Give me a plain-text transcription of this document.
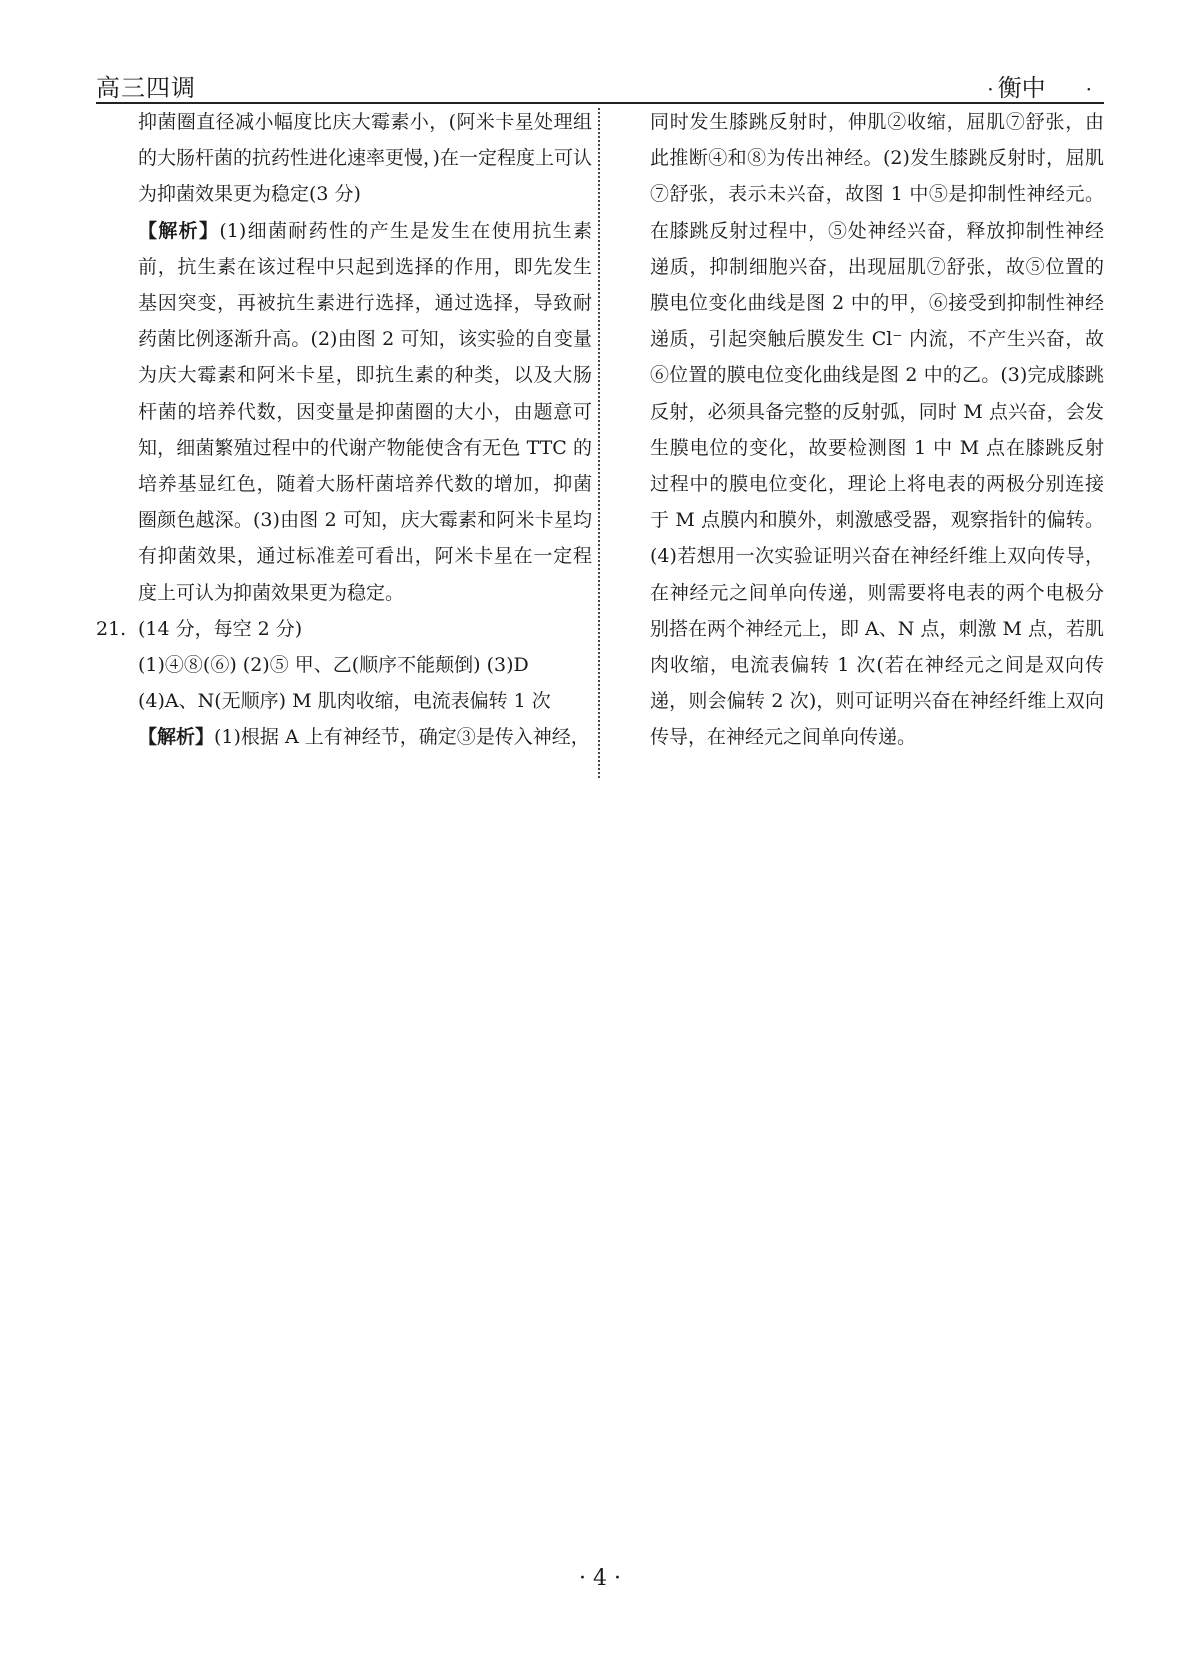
高三四调	· 衡中 ·
抑菌圈直径减小幅度比庆大霉素小，(阿米卡星处理组的大肠杆菌的抗药性进化速率更慢，)在一定程度上可认为抑菌效果更为稳定(3 分)
【解析】(1)细菌耐药性的产生是发生在使用抗生素前，抗生素在该过程中只起到选择的作用，即先发生基因突变，再被抗生素进行选择，通过选择，导致耐药菌比例逐渐升高。(2)由图 2 可知，该实验的自变量为庆大霉素和阿米卡星，即抗生素的种类，以及大肠杆菌的培养代数，因变量是抑菌圈的大小，由题意可知，细菌繁殖过程中的代谢产物能使含有无色 TTC 的培养基显红色，随着大肠杆菌培养代数的增加，抑菌圈颜色越深。(3)由图 2 可知，庆大霉素和阿米卡星均有抑菌效果，通过标准差可看出，阿米卡星在一定程度上可认为抑菌效果更为稳定。
21. (14 分，每空 2 分)
(1)④⑧(⑥) (2)⑤ 甲、乙(顺序不能颠倒) (3)D
(4)A、N(无顺序) M 肌肉收缩，电流表偏转 1 次
【解析】(1)根据 A 上有神经节，确定③是传入神经，
同时发生膝跳反射时，伸肌②收缩，屈肌⑦舒张，由此推断④和⑧为传出神经。(2)发生膝跳反射时，屈肌⑦舒张，表示未兴奋，故图 1 中⑤是抑制性神经元。在膝跳反射过程中，⑤处神经兴奋，释放抑制性神经递质，抑制细胞兴奋，出现屈肌⑦舒张，故⑤位置的膜电位变化曲线是图 2 中的甲，⑥接受到抑制性神经递质，引起突触后膜发生 Cl⁻ 内流，不产生兴奋，故⑥位置的膜电位变化曲线是图 2 中的乙。(3)完成膝跳反射，必须具备完整的反射弧，同时 M 点兴奋，会发生膜电位的变化，故要检测图 1 中 M 点在膝跳反射过程中的膜电位变化，理论上将电表的两极分别连接于 M 点膜内和膜外，刺激感受器，观察指针的偏转。(4)若想用一次实验证明兴奋在神经纤维上双向传导，在神经元之间单向传递，则需要将电表的两个电极分别搭在两个神经元上，即 A、N 点，刺激 M 点，若肌肉收缩，电流表偏转 1 次(若在神经元之间是双向传递，则会偏转 2 次)，则可证明兴奋在神经纤维上双向传导，在神经元之间单向传递。
· 4 ·
